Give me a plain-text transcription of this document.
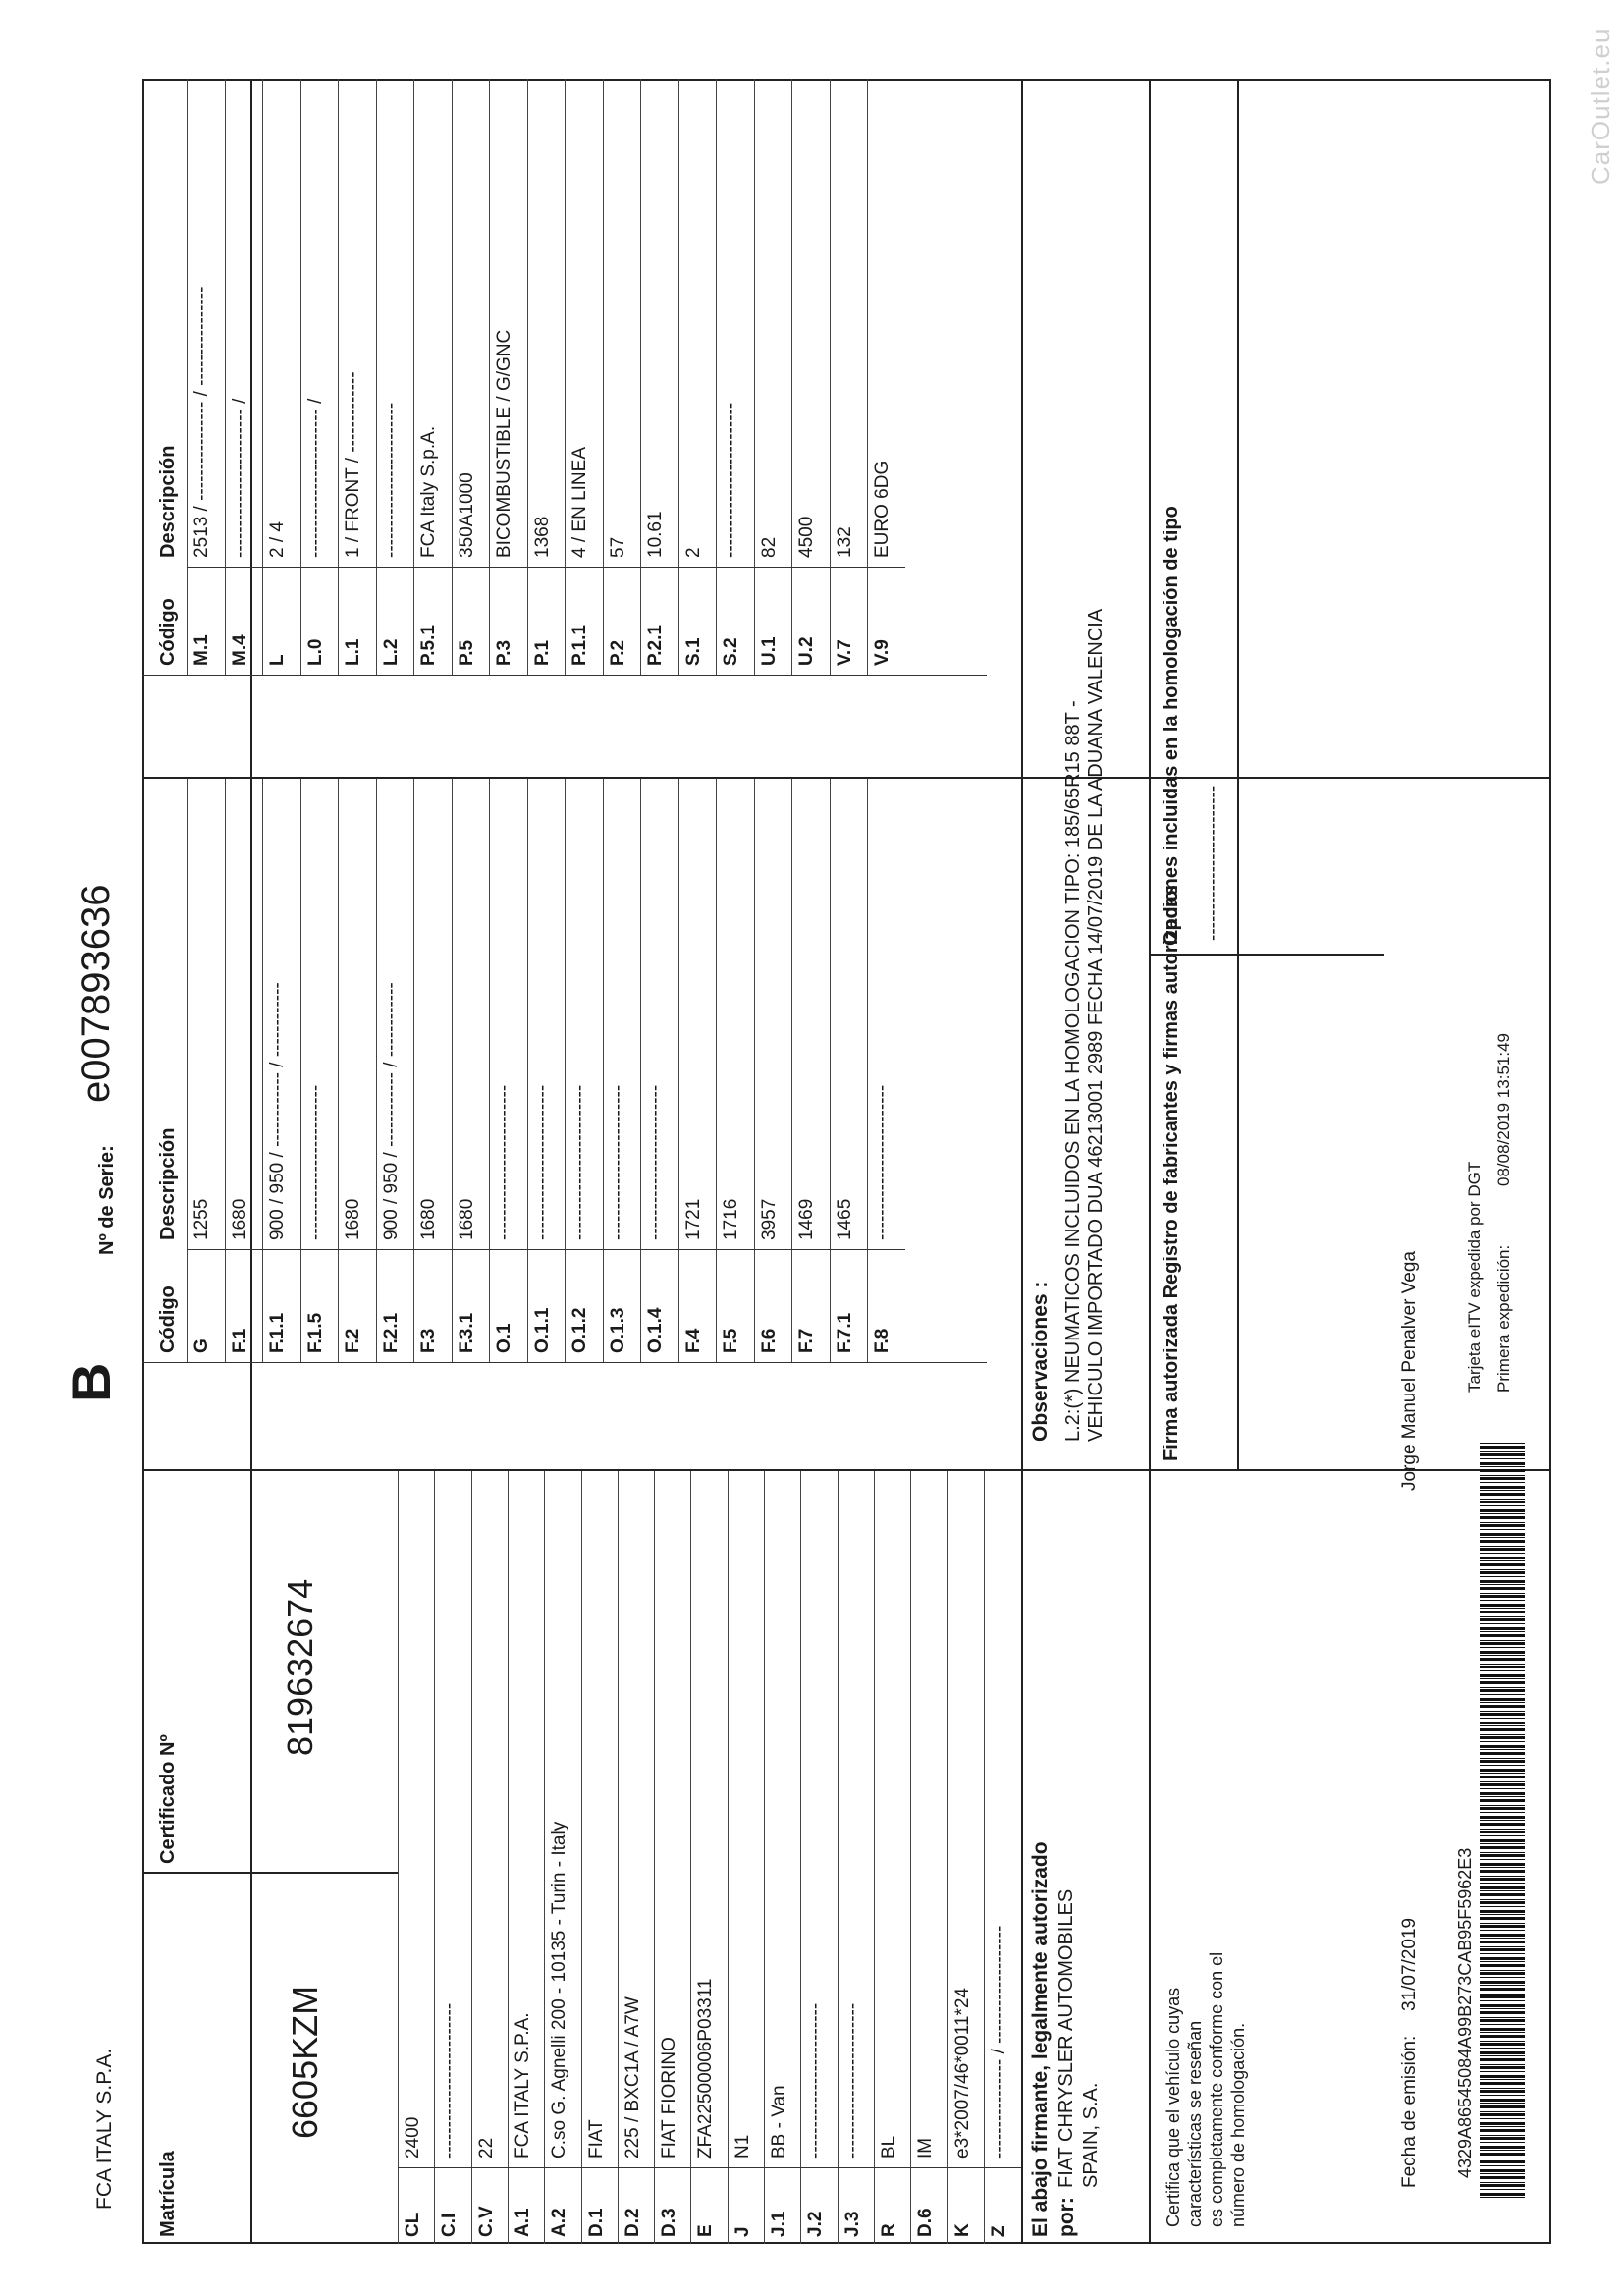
FCA ITALY S.P.A.
B
Nº de Serie:
e0078936‌36
Matrícula
6605KZM
Certificado Nº
819632674
Código
Descripción
Código
Descripción
El abajo firmante, legalmente autorizado por:
FIAT CHRYSLER AUTOMOBILES SPAIN, S.A.	Certifica que el vehículo cuyas características se reseñan es completamente conforme con el número de homologación.	Fecha de emisión:
31/07/2019
Jorge Manuel Penalver Vega
Observaciones : L.2:(*) NEUMATICOS INCLUIDOS EN LA HOMOLOGACION TIPO: 185/65R15 88T - VEHICULO IMPORTADO DUA 46213001 2989 FECHA 14/07/2019 DE LA ADUANA VALENCIA	Firma autorizada Registro de fabricantes y firmas autorizadas
Opciones incluidas en la homologación de tipo -------------------------
4329A86545084A99B273CAB95F5962E3
Tarjeta eITV expedida por DGT Primera expedición:
08/08/2019 13:51:49
CarOutlet.eu
CL
2400
C.I
-------------------------
C.V
22
A.1
FCA ITALY S.P.A.
A.2
C.so G. Agnelli 200 - 10135 - Turin - Italy
D.1
FIAT
D.2
225 / BXC1A / A7W
D.3
FIAT FIORINO
E
ZFA22500006P03311
J
N1
J.1
BB - Van
J.2
-------------------------
J.3
-------------------------
R
BL
D.6
IM
K
e3*2007/46*0011*24
Z
---------------- / -------------------
G
1255
F.1
1680
F.1.1
900 / 950 / ------------ / ------------
F.1.5
-------------------------
F.2
1680
F.2.1
900 / 950 / ------------ / ------------
F.3
1680
F.3.1
1680
O.1
-------------------------
O.1.1
-------------------------
O.1.2
-------------------------
O.1.3
-------------------------
O.1.4
-------------------------
F.4
1721
F.5
1716
F.6
3957
F.7
1469
F.7.1
1465
F.8
-------------------------
M.1
2513 / ---------------- / ----------------
M.4
------------------------ /
L
2 / 4
L.0
------------------------ /
L.1
1 / FRONT / -------------
L.2
-------------------------
P.5.1
FCA Italy S.p.A.
P.5
350A1000
P.3
BICOMBUSTIBLE / G/GNC
P.1
1368
P.1.1
4 / EN LINEA
P.2
57
P.2.1
10.61
S.1
2
S.2
-------------------------
U.1
82
U.2
4500
V.7
132
V.9
EURO 6DG
